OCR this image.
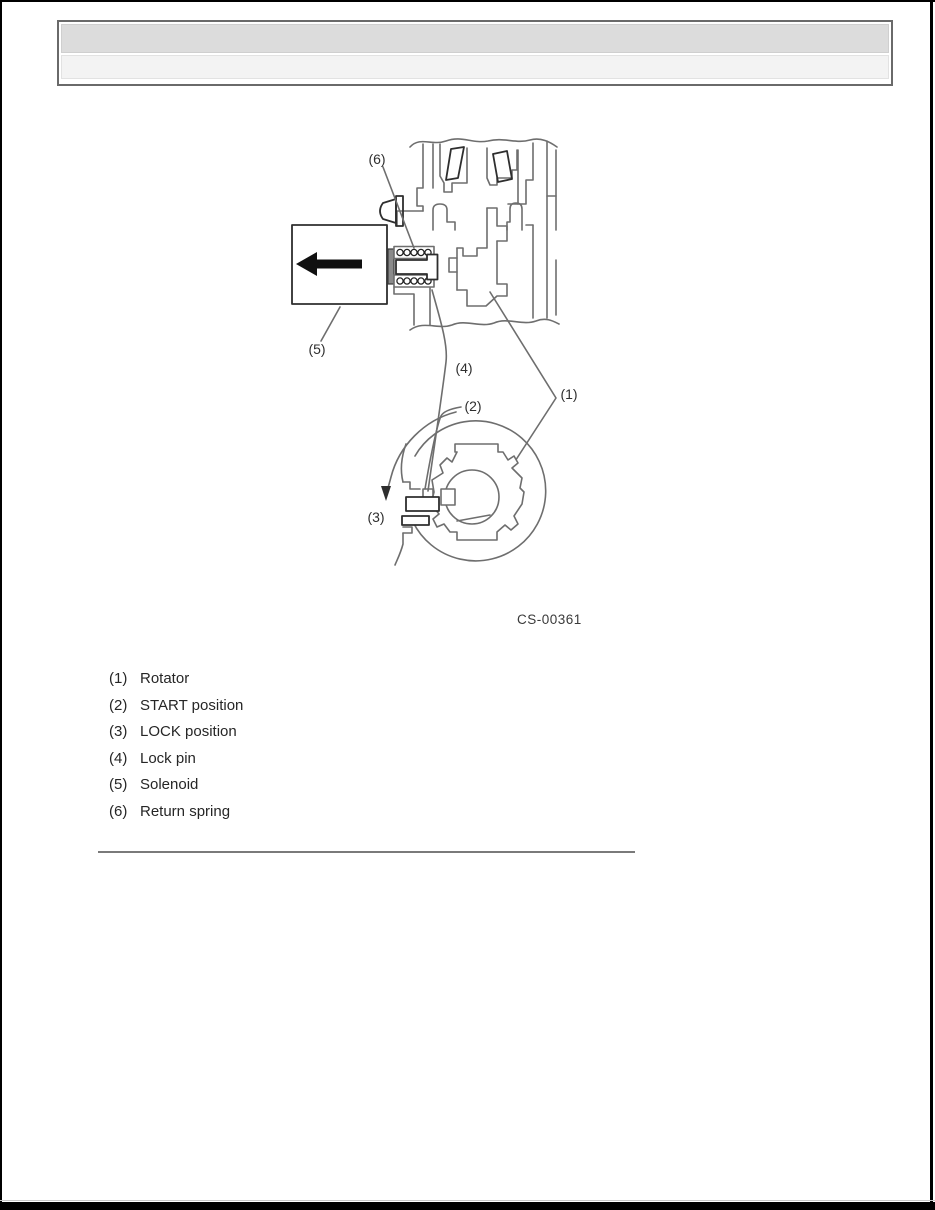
(1)
(2)
(3)
(4)
(5)
(6)
CS-00361
(1) Rotator
(2) START position
(3) LOCK position
(4) Lock pin
(5) Solenoid
(6) Return spring
